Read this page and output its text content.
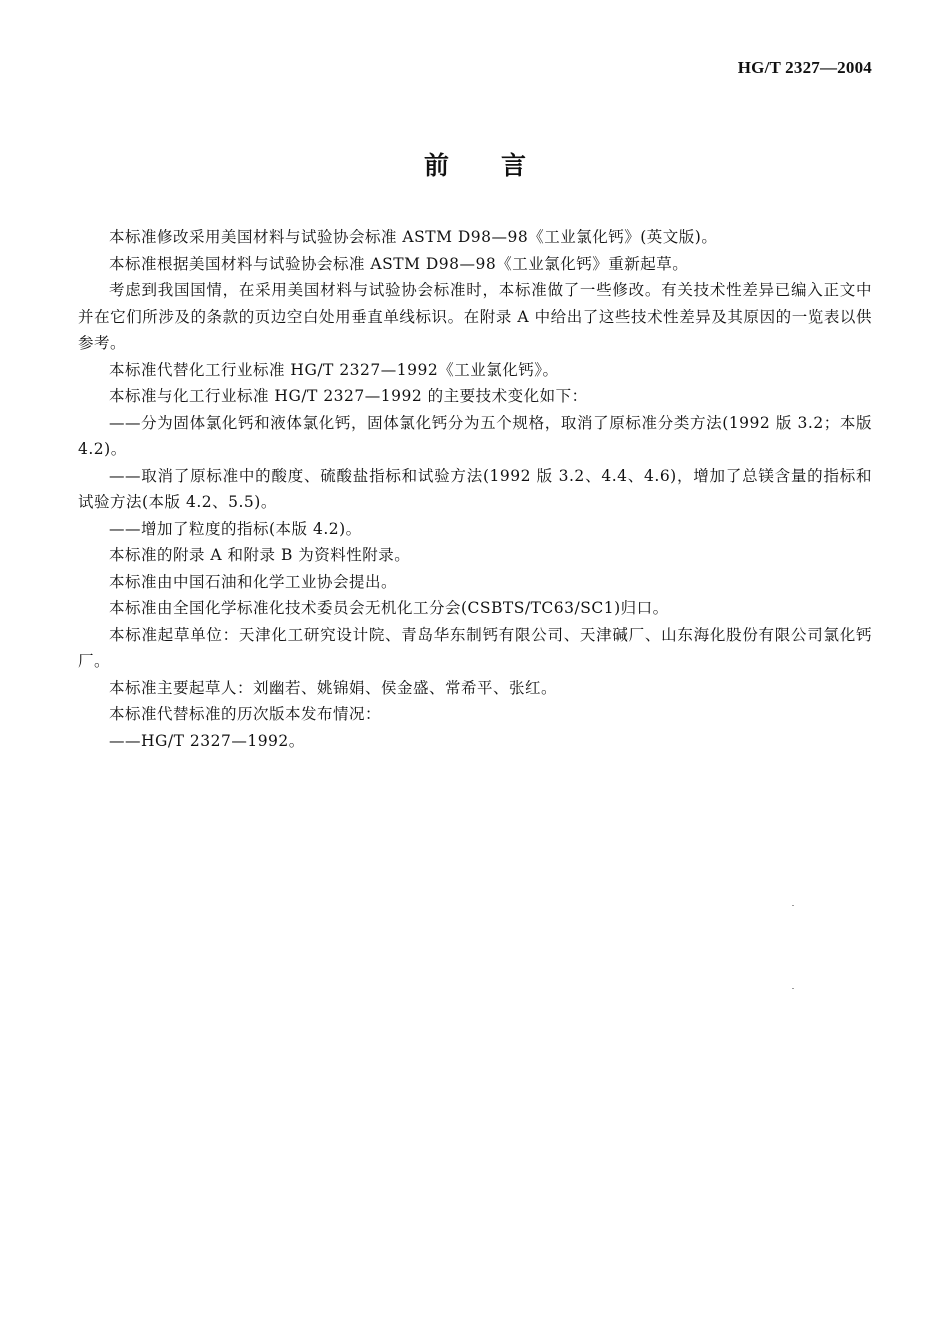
HG/T 2327—2004
前言

本标准修改采用美国材料与试验协会标准 ASTM D98—98《工业氯化钙》(英文版)。

本标准根据美国材料与试验协会标准 ASTM D98—98《工业氯化钙》重新起草。

考虑到我国国情，在采用美国材料与试验协会标准时，本标准做了一些修改。有关技术性差异已编入正文中并在它们所涉及的条款的页边空白处用垂直单线标识。在附录 A 中给出了这些技术性差异及其原因的一览表以供参考。

本标准代替化工行业标准 HG/T 2327—1992《工业氯化钙》。

本标准与化工行业标准 HG/T 2327—1992 的主要技术变化如下：

——分为固体氯化钙和液体氯化钙，固体氯化钙分为五个规格，取消了原标准分类方法(1992 版 3.2；本版 4.2)。

——取消了原标准中的酸度、硫酸盐指标和试验方法(1992 版 3.2、4.4、4.6)，增加了总镁含量的指标和试验方法(本版 4.2、5.5)。

——增加了粒度的指标(本版 4.2)。

本标准的附录 A 和附录 B 为资料性附录。

本标准由中国石油和化学工业协会提出。

本标准由全国化学标准化技术委员会无机化工分会(CSBTS/TC63/SC1)归口。

本标准起草单位：天津化工研究设计院、青岛华东制钙有限公司、天津碱厂、山东海化股份有限公司氯化钙厂。

本标准主要起草人：刘幽若、姚锦娟、侯金盛、常希平、张红。

本标准代替标准的历次版本发布情况：

——HG/T 2327—1992。
